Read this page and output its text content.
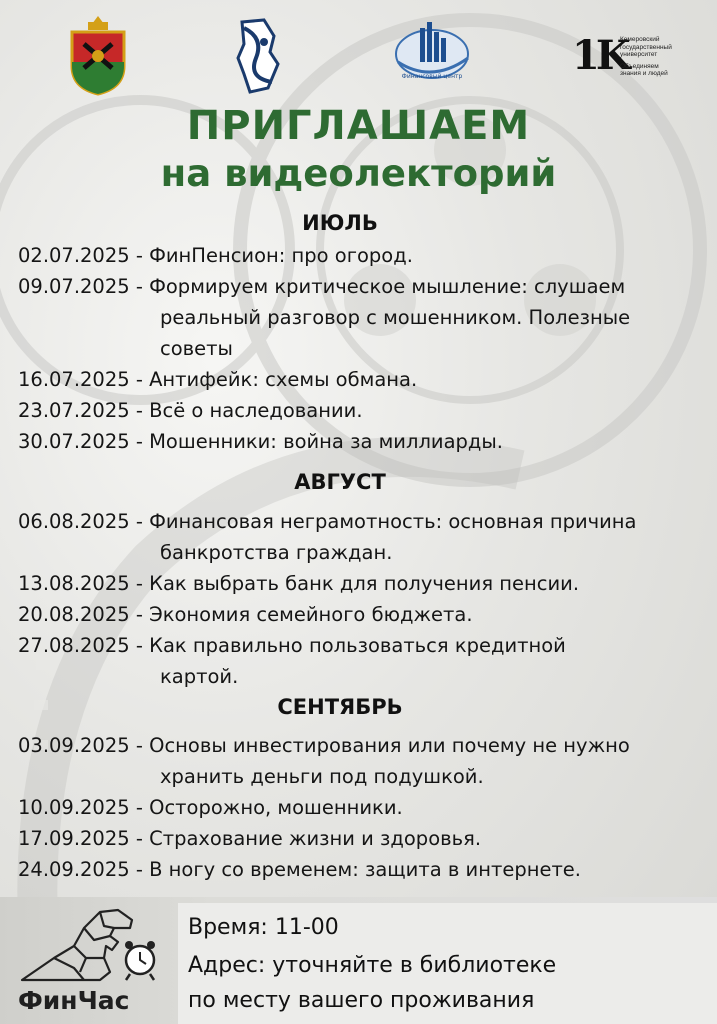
Финансовый центр	1K
Кемеровский
государственный
университет
Объединяем
знания и людей
ПРИГЛАШАЕМ
на видеолекторий
ИЮЛЬ
02.07.2025 - ФинПенсион: про огород.
09.07.2025 - Формируем критическое мышление: слушаем
реальный разговор с мошенником. Полезные
советы
16.07.2025 - Антифейк: схемы обмана.
23.07.2025 - Всё о наследовании.
30.07.2025 - Мошенники: война за миллиарды.
АВГУСТ
06.08.2025 - Финансовая неграмотность: основная причина
банкротства граждан.
13.08.2025 - Как выбрать банк для получения пенсии.
20.08.2025 - Экономия семейного бюджета.
27.08.2025 - Как правильно пользоваться кредитной
картой.
СЕНТЯБРЬ
03.09.2025 - Основы инвестирования или почему не нужно
хранить деньги под подушкой.
10.09.2025 - Осторожно, мошенники.
17.09.2025 - Страхование жизни и здоровья.
24.09.2025 - В ногу со временем: защита в интернете.
ФинЧас
Время: 11-00
Адрес: уточняйте в библиотеке
по месту вашего проживания
